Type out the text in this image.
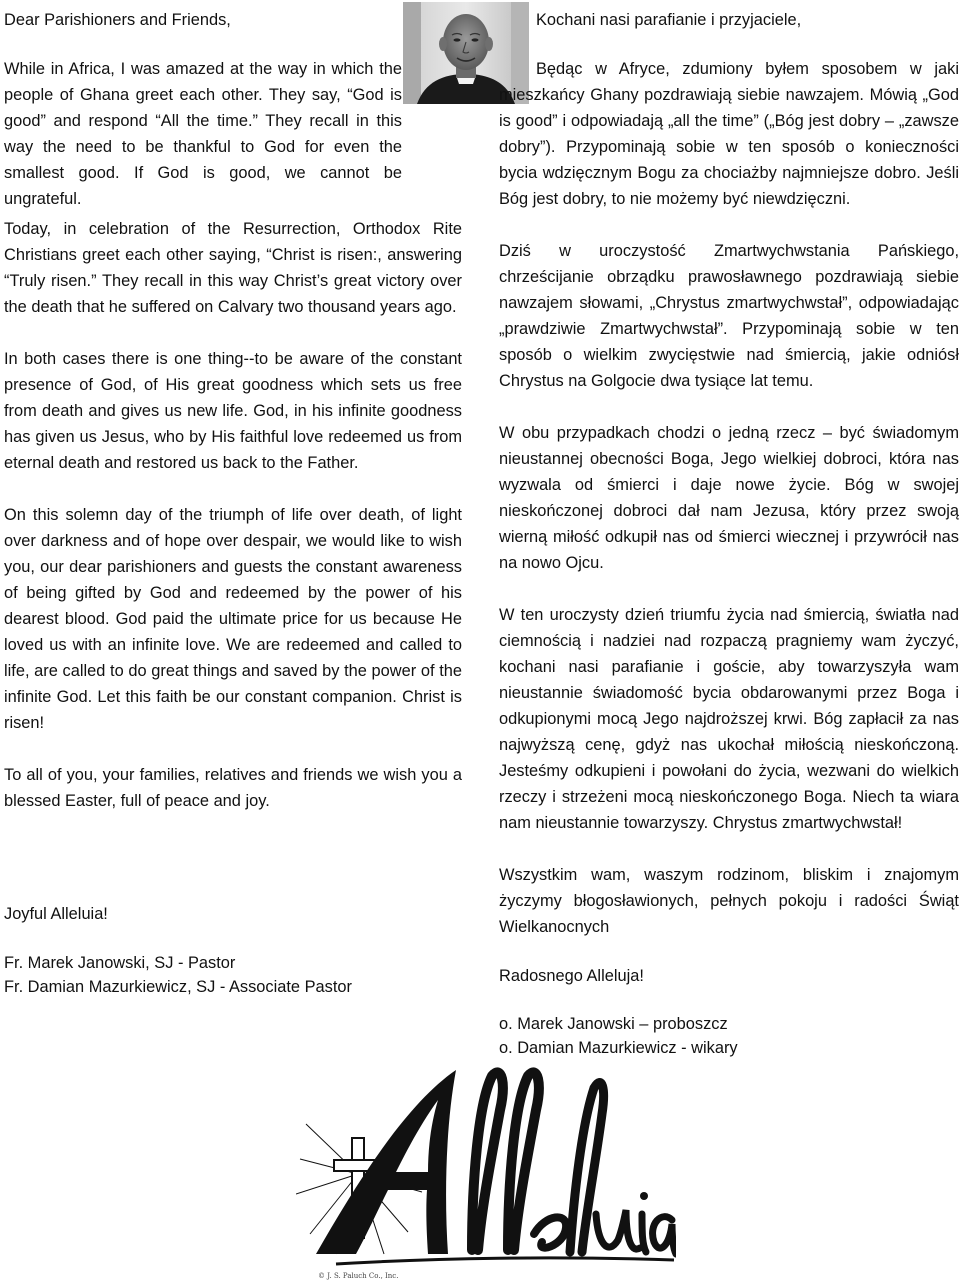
Dear Parishioners and Friends,

While in Africa, I was amazed at the way in which the people of Ghana greet each other. They say, “God is good” and respond “All the time.” They recall in this way the need to be thankful to God for even the smallest good. If God is good, we cannot be ungrateful.

Today, in celebration of the Resurrection, Orthodox Rite Christians greet each other saying, “Christ is risen:, answering “Truly risen.” They recall in this way Christ’s great victory over the death that he suffered on Calvary two thousand years ago.

In both cases there is one thing--to be aware of the constant presence of God, of His great goodness which sets us free from death and gives us new life. God, in his infinite goodness has given us Jesus, who by His faithful love redeemed us from eternal death and restored us back to the Father.

On this solemn day of the triumph of life over death, of light over darkness and of hope over despair, we would like to wish you, our dear parishioners and guests the constant awareness of being gifted by God and redeemed by the power of his dearest blood. God paid the ultimate price for us because He loved us with an infinite love. We are redeemed and called to life, are called to do great things and saved by the power of the infinite God. Let this faith be our constant companion. Christ is risen!

To all of you, your families, relatives and friends we wish you a blessed Easter, full of peace and joy.

Joyful Alleluia!
Fr. Marek Janowski, SJ - Pastor
Fr. Damian Mazurkiewicz, SJ - Associate Pastor
Kochani nasi parafianie i przyjaciele,

Będąc w Afryce, zdumiony byłem sposobem w jaki mieszkańcy Ghany pozdrawiają siebie nawzajem. Mówią „God is good” i odpowiadają „all the time” („Bóg jest dobry – „zawsze dobry”). Przypominają sobie w ten sposób o konieczności bycia wdzięcznym Bogu za chociażby najmniejsze dobro. Jeśli Bóg jest dobry, to nie możemy być niewdzięczni.

Dziś w uroczystość Zmartwychwstania Pańskiego, chrześcijanie obrządku prawosławnego pozdrawiają siebie nawzajem słowami, „Chrystus zmartwychwstał”, odpowiadając „prawdziwie Zmartwychwstał”. Przypominają sobie w ten sposób o wielkim zwycięstwie nad śmiercią, jakie odniósł Chrystus na Golgocie dwa tysiące lat temu.

W obu przypadkach chodzi o jedną rzecz – być świadomym nieustannej obecności Boga, Jego wielkiej dobroci, która nas wyzwala od śmierci i daje nowe życie. Bóg w swojej nieskończonej dobroci dał nam Jezusa, który przez swoją wierną miłość odkupił nas od śmierci wiecznej i przywrócił nas na nowo Ojcu.

W ten uroczysty dzień triumfu życia nad śmiercią, światła nad ciemnością i nadziei nad rozpaczą pragniemy wam życzyć, kochani nasi parafianie i goście, aby towarzyszyła wam nieustannie świadomość bycia obdarowanymi przez Boga i odkupionymi mocą Jego najdroższej krwi. Bóg zapłacił za nas najwyższą cenę, gdyż nas ukochał miłością nieskończoną. Jesteśmy odkupieni i powołani do życia, wezwani do wielkich rzeczy i strzeżeni mocą nieskończonego Boga. Niech ta wiara nam nieustannie towarzyszy. Chrystus zmartwychwstał!

Wszystkim wam, waszym rodzinom, bliskim i znajomym życzymy błogosławionych, pełnych pokoju i radości Świąt Wielkanocnych

Radosnego Alleluja!
o. Marek Janowski – proboszcz
o. Damian Mazurkiewicz - wikary
© J. S. Paluch Co., Inc.
